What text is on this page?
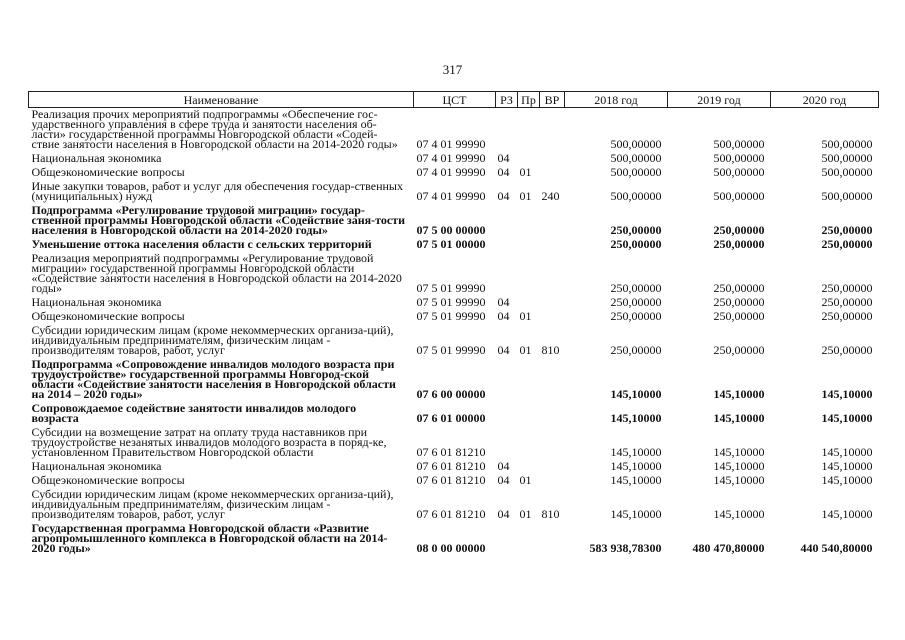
317
Наименование	ЦСТ	РЗ	Пр	ВР	2018 год	2019 год	2020 год
Реализация прочих мероприятий подпрограммы «Обеспечение гос-ударственного управления в сфере труда и занятости населения об-ласти» государственной программы Новгородской области «Содей-ствие занятости населения в Новгородской области на 2014-2020 годы»	07 4 01 99990				500,00000	500,00000	500,00000
Национальная экономика	07 4 01 99990	04			500,00000	500,00000	500,00000
Общеэкономические вопросы	07 4 01 99990	04	01		500,00000	500,00000	500,00000
Иные закупки товаров, работ и услуг для обеспечения государ-ственных (муниципальных) нужд	07 4 01 99990	04	01	240	500,00000	500,00000	500,00000
Подпрограмма «Регулирование трудовой миграции» государ-ственной программы Новгородской области «Содействие заня-тости населения в Новгородской области на 2014-2020 годы»	07 5 00 00000				250,00000	250,00000	250,00000
Уменьшение оттока населения области с сельских территорий	07 5 01 00000				250,00000	250,00000	250,00000
Реализация мероприятий подпрограммы «Регулирование трудовой миграции» государственной программы Новгородской области «Содействие занятости населения в Новгородской области на 2014-2020 годы»	07 5 01 99990				250,00000	250,00000	250,00000
Национальная экономика	07 5 01 99990	04			250,00000	250,00000	250,00000
Общеэкономические вопросы	07 5 01 99990	04	01		250,00000	250,00000	250,00000
Субсидии юридическим лицам (кроме некоммерческих организа-ций), индивидуальным предпринимателям, физическим лицам - производителям товаров, работ, услуг	07 5 01 99990	04	01	810	250,00000	250,00000	250,00000
Подпрограмма «Сопровождение инвалидов молодого возраста при трудоустройстве» государственной программы Новгород-ской области «Содействие занятости населения в Новгородской области на 2014 – 2020 годы»	07 6 00 00000				145,10000	145,10000	145,10000
Сопровождаемое содействие занятости инвалидов молодого возраста	07 6 01 00000				145,10000	145,10000	145,10000
Субсидии на возмещение затрат на оплату труда наставников при трудоустройстве незанятых инвалидов молодого возраста в поряд-ке, установленном Правительством Новгородской области	07 6 01 81210				145,10000	145,10000	145,10000
Национальная экономика	07 6 01 81210	04			145,10000	145,10000	145,10000
Общеэкономические вопросы	07 6 01 81210	04	01		145,10000	145,10000	145,10000
Субсидии юридическим лицам (кроме некоммерческих организа-ций), индивидуальным предпринимателям, физическим лицам - производителям товаров, работ, услуг	07 6 01 81210	04	01	810	145,10000	145,10000	145,10000
Государственная программа Новгородской области «Развитие агропромышленного комплекса в Новгородской области на 2014-2020 годы»	08 0 00 00000				583 938,78300	480 470,80000	440 540,80000
